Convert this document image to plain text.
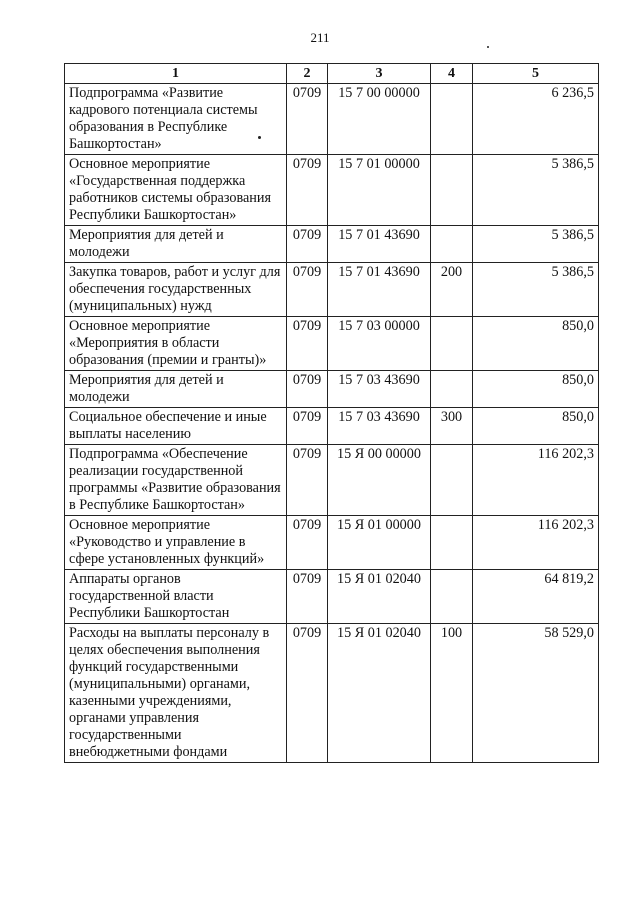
211
1	2	3	4	5
Подпрограмма «Развитие кадрового потенциала системы образования в Республике Башкортостан»	0709	15 7 00 00000		6 236,5
Основное мероприятие «Государственная поддержка работников системы образования Республики Башкортостан»	0709	15 7 01 00000		5 386,5
Мероприятия для детей и молодежи	0709	15 7 01 43690		5 386,5
Закупка товаров, работ и услуг для обеспечения государственных (муниципальных) нужд	0709	15 7 01 43690	200	5 386,5
Основное мероприятие «Мероприятия в области образования (премии и гранты)»	0709	15 7 03 00000		850,0
Мероприятия для детей и молодежи	0709	15 7 03 43690		850,0
Социальное обеспечение и иные выплаты населению	0709	15 7 03 43690	300	850,0
Подпрограмма «Обеспечение реализации государственной программы «Развитие образования в Республике Башкортостан»	0709	15 Я 00 00000		116 202,3
Основное мероприятие «Руководство и управление в сфере установленных функций»	0709	15 Я 01 00000		116 202,3
Аппараты органов государственной власти Республики Башкортостан	0709	15 Я 01 02040		64 819,2
Расходы на выплаты персоналу в целях обеспечения выполнения функций государственными (муниципальными) органами, казенными учреждениями, органами управления государственными внебюджетными фондами	0709	15 Я 01 02040	100	58 529,0
